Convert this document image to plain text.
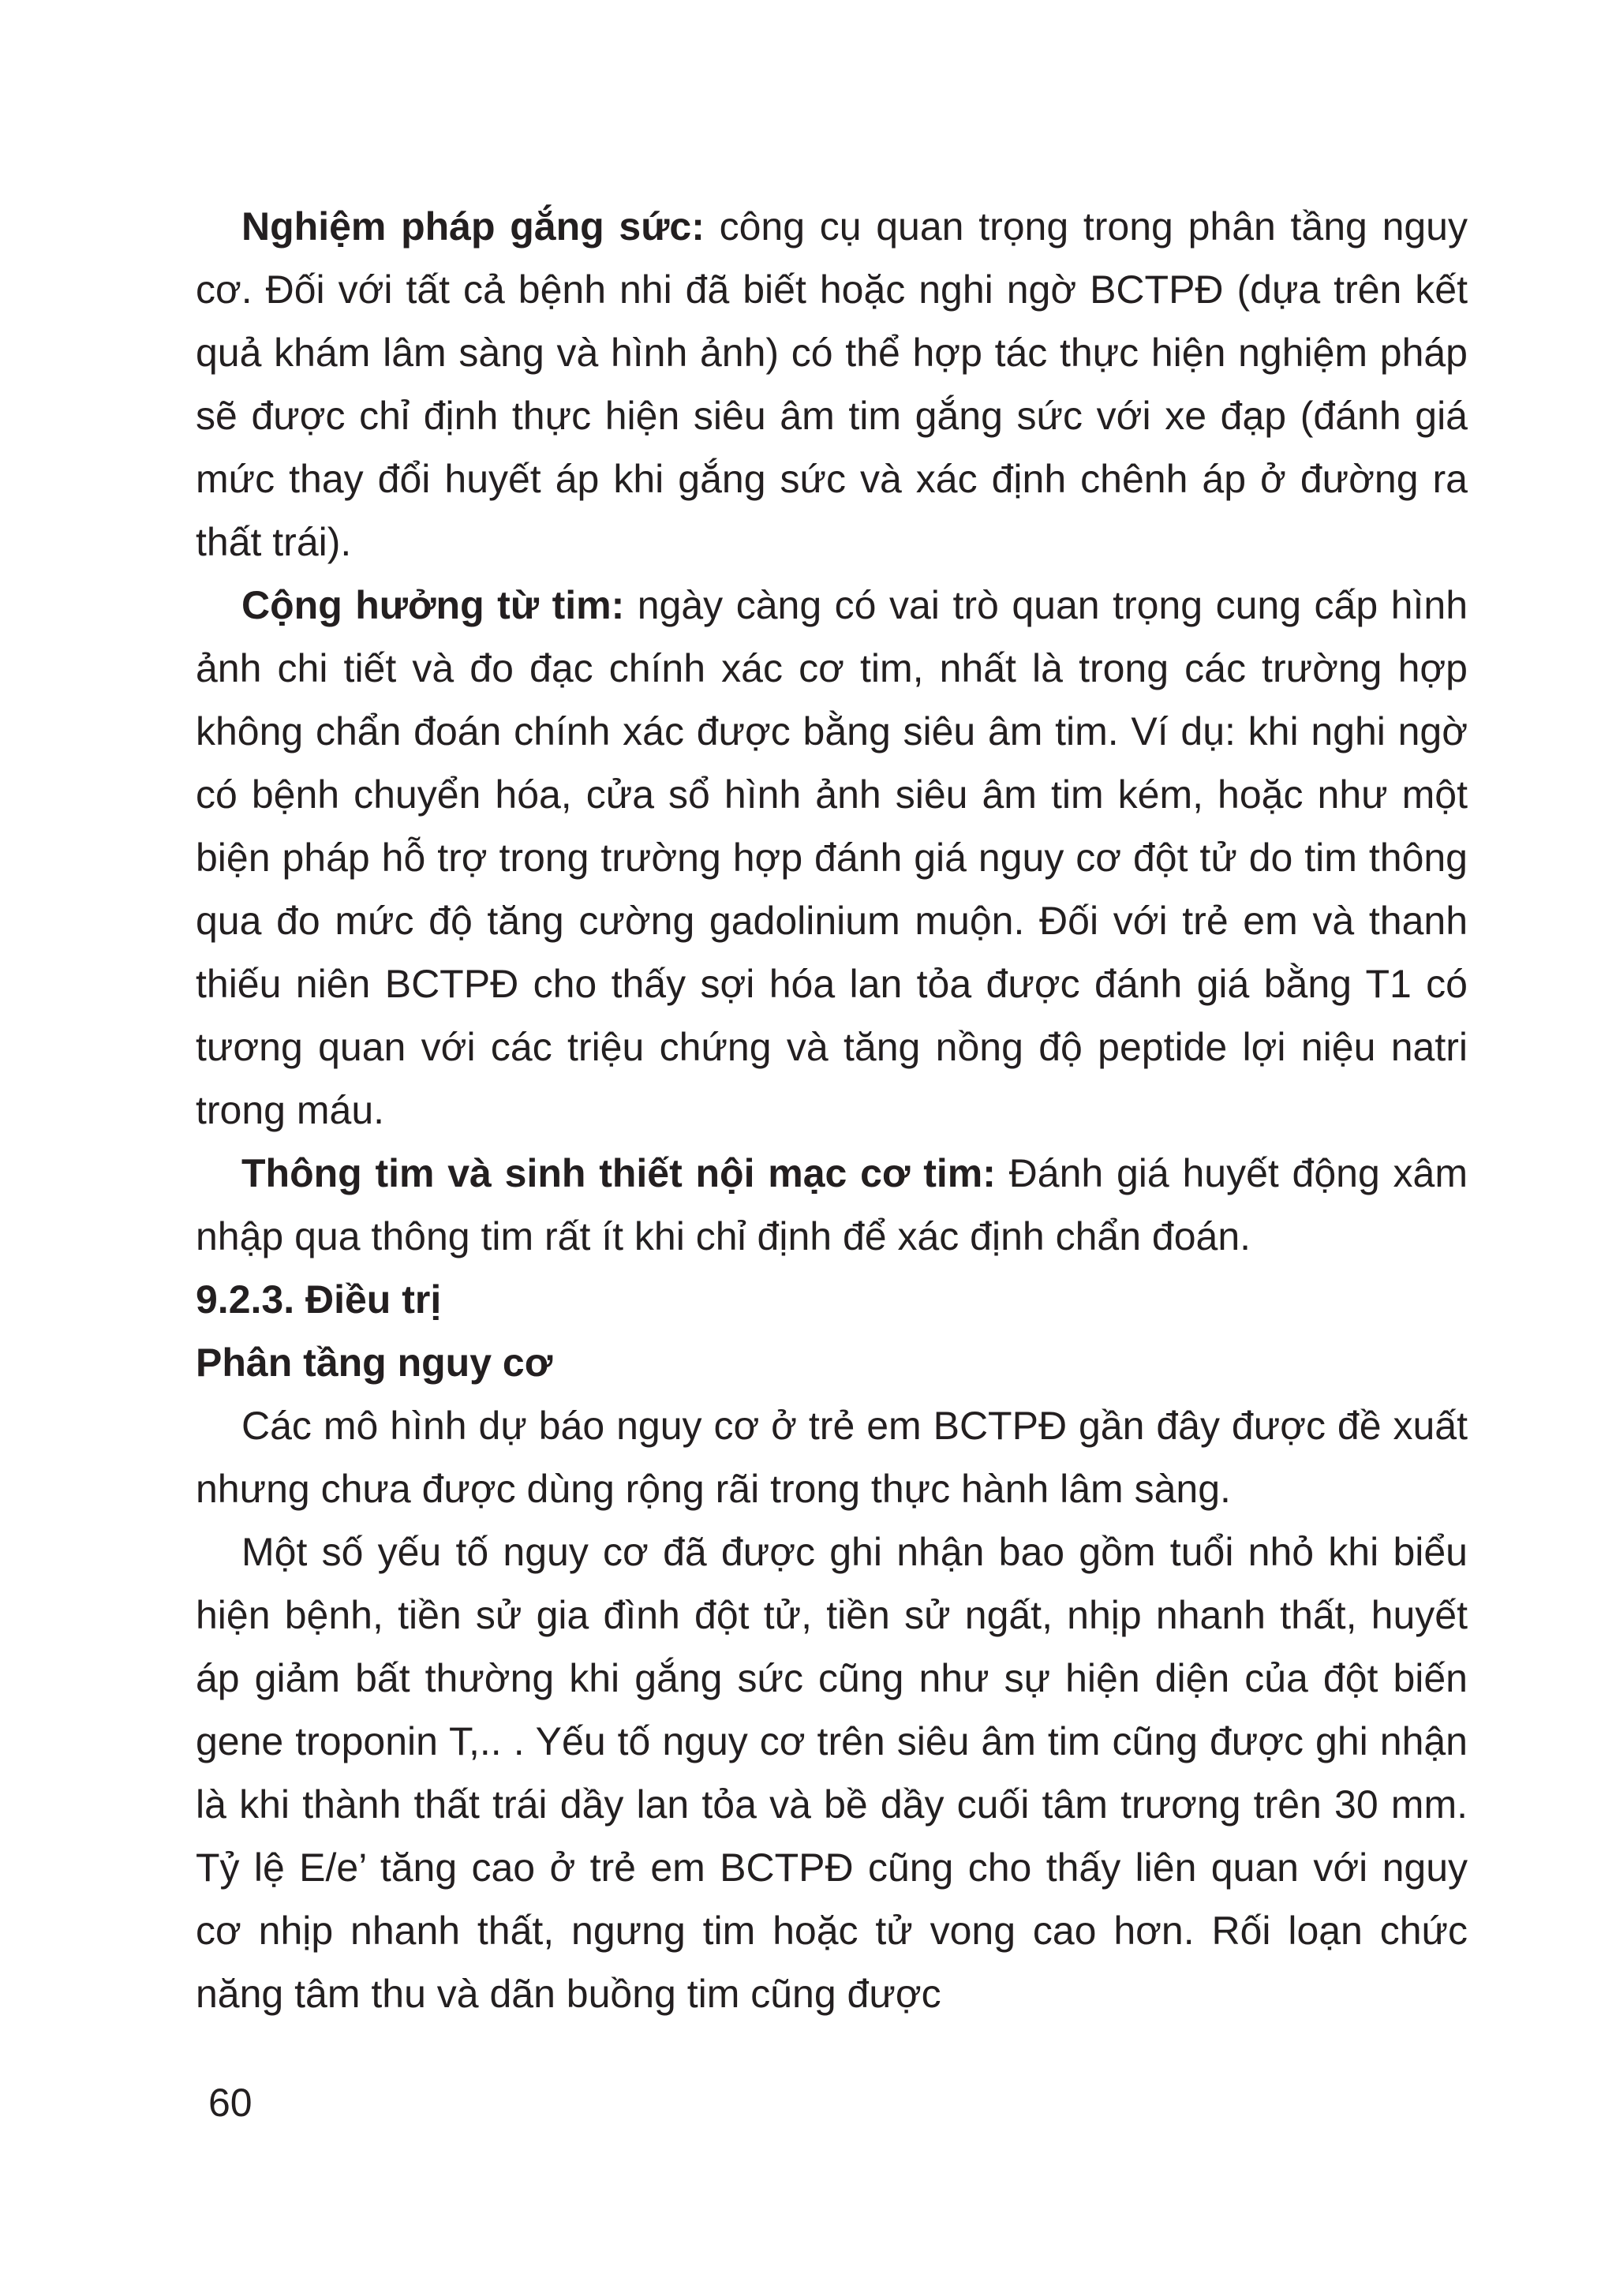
Nghiệm pháp gắng sức: công cụ quan trọng trong phân tầng nguy cơ. Đối với tất cả bệnh nhi đã biết hoặc nghi ngờ BCTPĐ (dựa trên kết quả khám lâm sàng và hình ảnh) có thể hợp tác thực hiện nghiệm pháp sẽ được chỉ định thực hiện siêu âm tim gắng sức với xe đạp (đánh giá mức thay đổi huyết áp khi gắng sức và xác định chênh áp ở đường ra thất trái).

Cộng hưởng từ tim: ngày càng có vai trò quan trọng cung cấp hình ảnh chi tiết và đo đạc chính xác cơ tim, nhất là trong các trường hợp không chẩn đoán chính xác được bằng siêu âm tim. Ví dụ: khi nghi ngờ có bệnh chuyển hóa, cửa sổ hình ảnh siêu âm tim kém, hoặc như một biện pháp hỗ trợ trong trường hợp đánh giá nguy cơ đột tử do tim thông qua đo mức độ tăng cường gadolinium muộn. Đối với trẻ em và thanh thiếu niên BCTPĐ cho thấy sợi hóa lan tỏa được đánh giá bằng T1 có tương quan với các triệu chứng và tăng nồng độ peptide lợi niệu natri trong máu.

Thông tim và sinh thiết nội mạc cơ tim: Đánh giá huyết động xâm nhập qua thông tim rất ít khi chỉ định để xác định chẩn đoán.

9.2.3. Điều trị

Phân tầng nguy cơ

Các mô hình dự báo nguy cơ ở trẻ em BCTPĐ gần đây được đề xuất nhưng chưa được dùng rộng rãi trong thực hành lâm sàng.

Một số yếu tố nguy cơ đã được ghi nhận bao gồm tuổi nhỏ khi biểu hiện bệnh, tiền sử gia đình đột tử, tiền sử ngất, nhịp nhanh thất, huyết áp giảm bất thường khi gắng sức cũng như sự hiện diện của đột biến gene troponin T,.. . Yếu tố nguy cơ trên siêu âm tim cũng được ghi nhận là khi thành thất trái dầy lan tỏa và bề dầy cuối tâm trương trên 30 mm. Tỷ lệ E/e’ tăng cao ở trẻ em BCTPĐ cũng cho thấy liên quan với nguy cơ nhịp nhanh thất, ngưng tim hoặc tử vong cao hơn. Rối loạn chức năng tâm thu và dãn buồng tim cũng được

60
